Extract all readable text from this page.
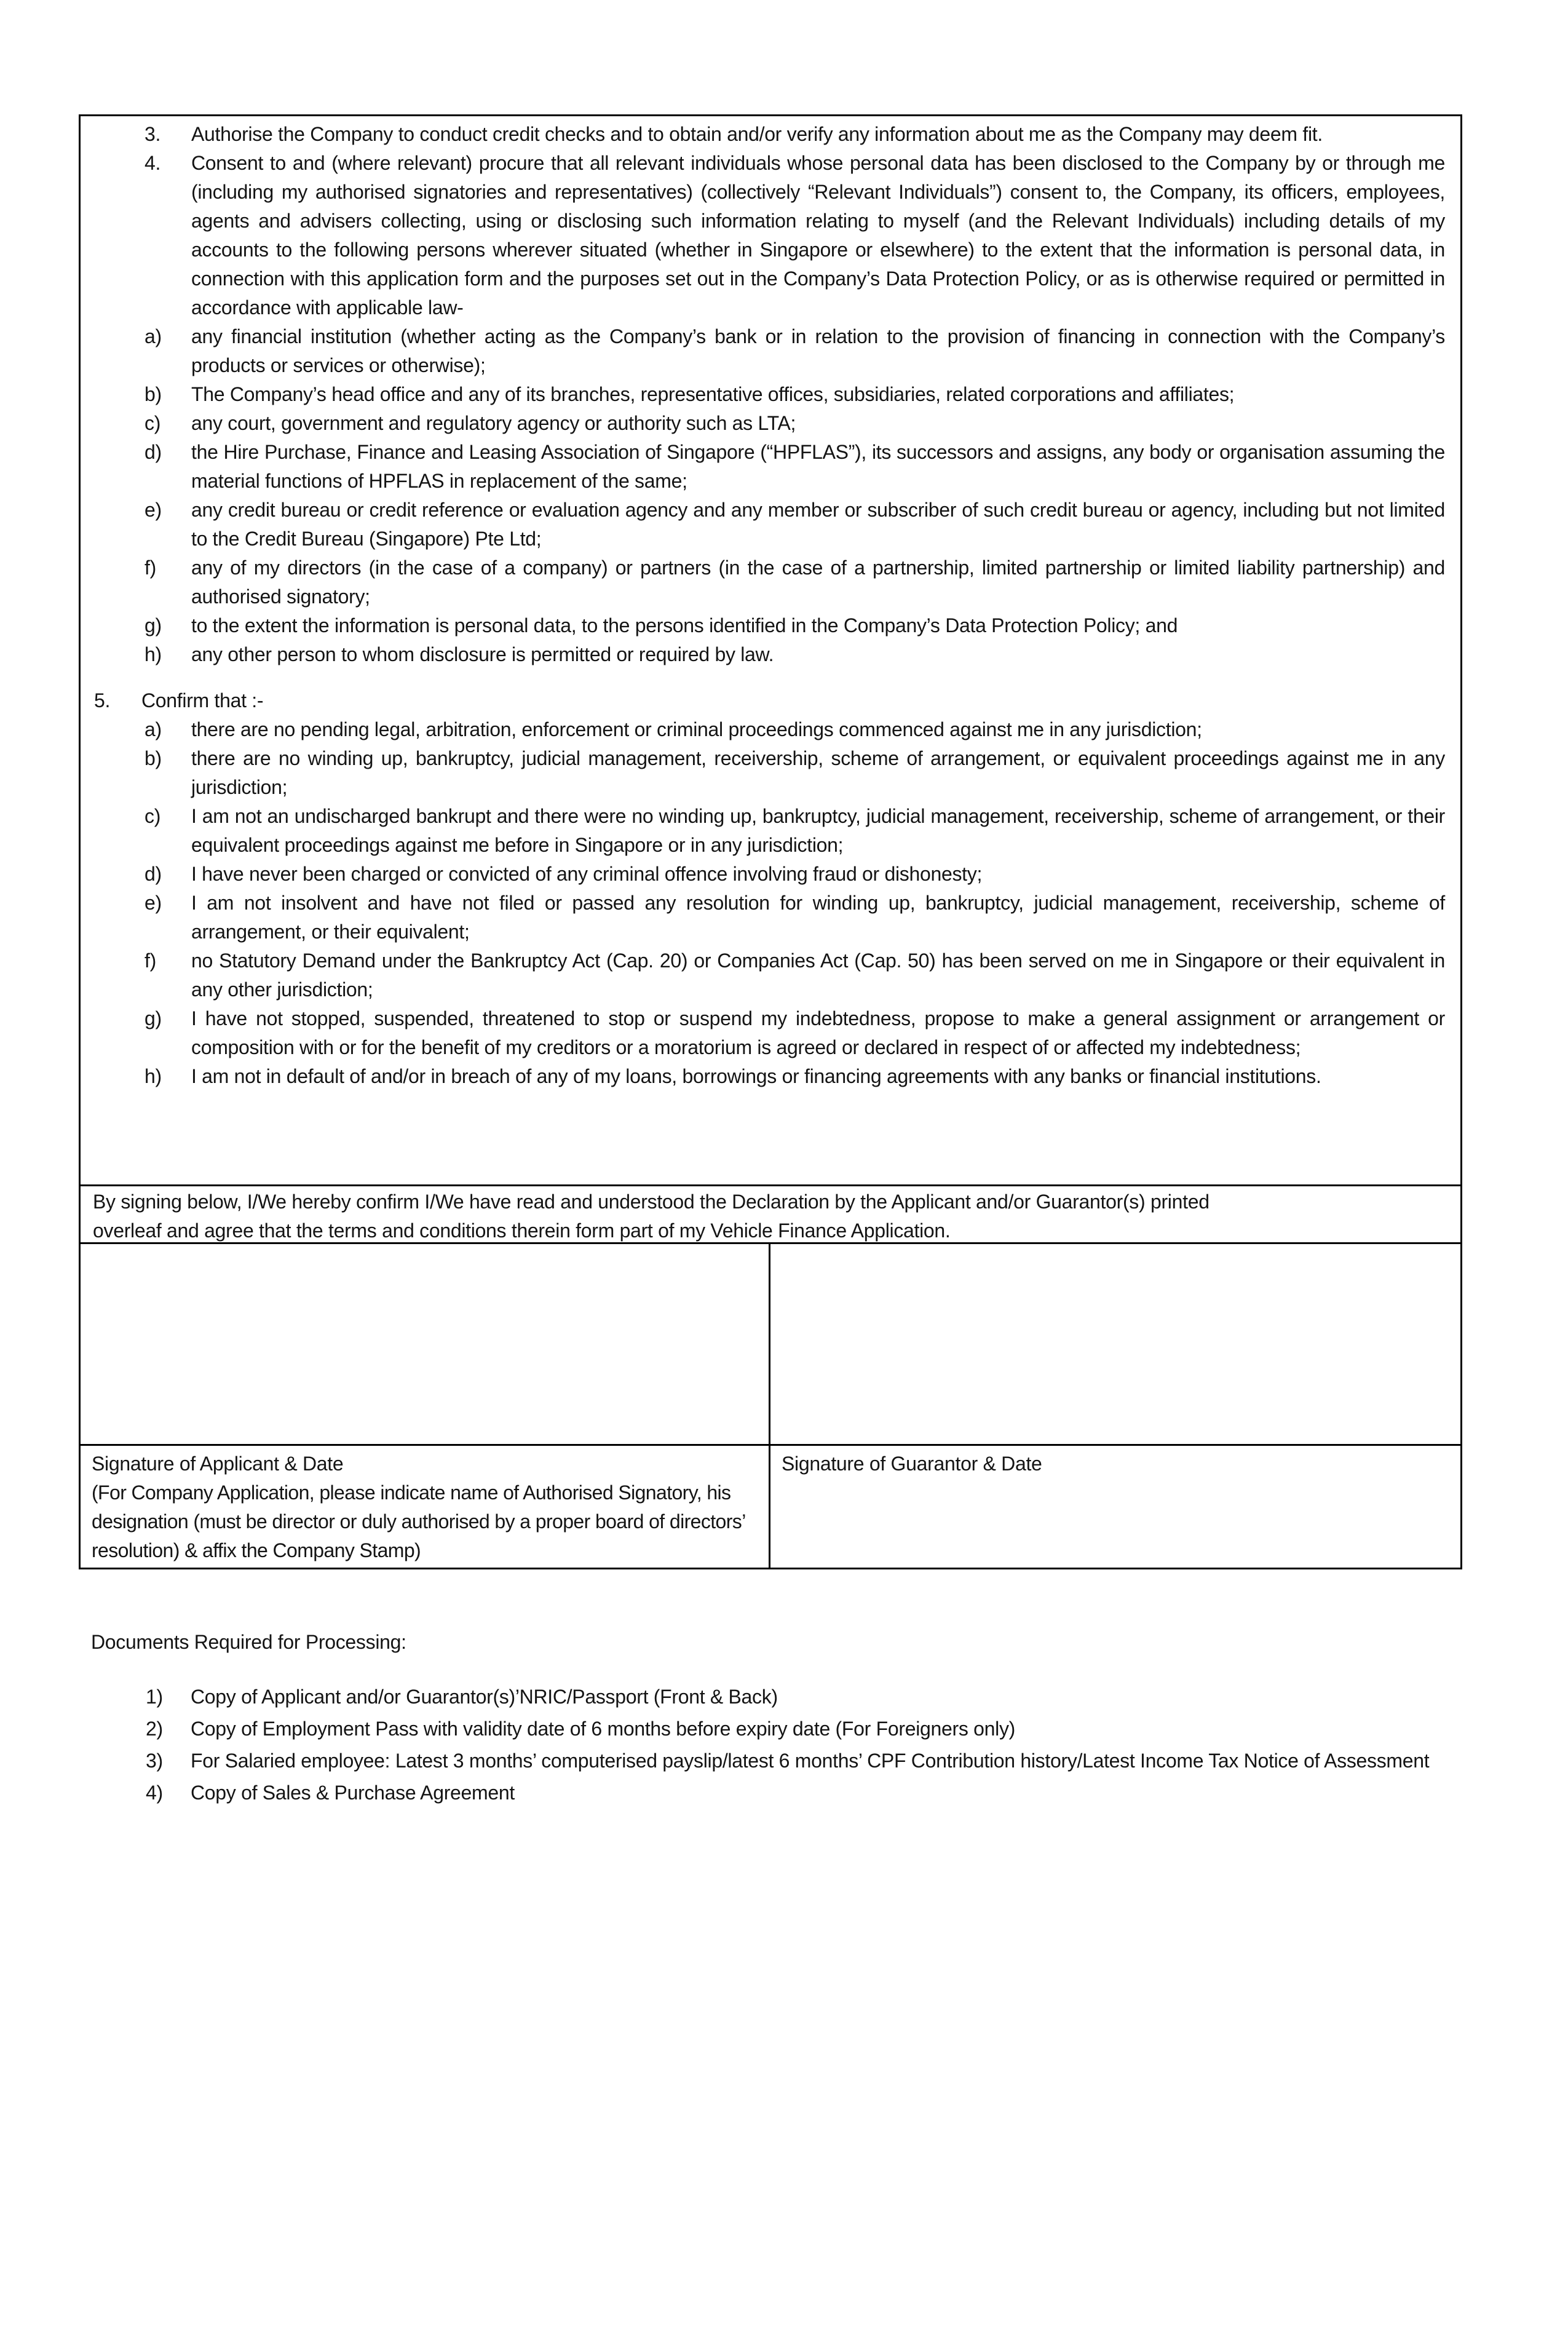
3.	Authorise the Company to conduct credit checks and to obtain and/or verify any information about me as the Company may deem fit.
4.	Consent to and (where relevant) procure that all relevant individuals whose personal data has been disclosed to the Company by or through me (including my authorised signatories and representatives) (collectively “Relevant Individuals”) consent to, the Company, its officers, employees, agents and advisers collecting, using or disclosing such information relating to myself (and the Relevant Individuals) including details of my accounts to the following persons wherever situated (whether in Singapore or elsewhere) to the extent that the information is personal data, in connection with this application form and the purposes set out in the Company’s Data Protection Policy, or as is otherwise required or permitted in accordance with applicable law-
a)	any financial institution (whether acting as the Company’s bank or in relation to the provision of financing in connection with the Company’s products or services or otherwise);
b)	The Company’s head office and any of its branches, representative offices, subsidiaries, related corporations and affiliates;
c)	any court, government and regulatory agency or authority such as LTA;
d)	the Hire Purchase, Finance and Leasing Association of Singapore (“HPFLAS”), its successors and assigns, any body or organisation assuming the material functions of HPFLAS in replacement of the same;
e)	any credit bureau or credit reference or evaluation agency and any member or subscriber of such credit bureau or agency, including but not limited to the Credit Bureau (Singapore) Pte Ltd;
f)	any of my directors (in the case of a company) or partners (in the case of a partnership, limited partnership or limited liability partnership) and authorised signatory;
g)	to the extent the information is personal data, to the persons identified in the Company’s Data Protection Policy; and
h)	any other person to whom disclosure is permitted or required by law.
5.	Confirm that :-
a)	there are no pending legal, arbitration, enforcement or criminal proceedings commenced against me in any jurisdiction;
b)	there are no winding up, bankruptcy, judicial management, receivership, scheme of arrangement, or equivalent proceedings against me in any jurisdiction;
c)	I am not an undischarged bankrupt and there were no winding up, bankruptcy, judicial management, receivership, scheme of arrangement, or their equivalent proceedings against me before in Singapore or in any jurisdiction;
d)	I have never been charged or convicted of any criminal offence involving fraud or dishonesty;
e)	I am not insolvent and have not filed or passed any resolution for winding up, bankruptcy, judicial management, receivership, scheme of arrangement, or their equivalent;
f)	no Statutory Demand under the Bankruptcy Act (Cap. 20) or Companies Act (Cap. 50) has been served on me in Singapore or their equivalent in any other jurisdiction;
g)	I have not stopped, suspended, threatened to stop or suspend my indebtedness, propose to make a general assignment or arrangement or composition with or for the benefit of my creditors or a moratorium is agreed or declared in respect of or affected my indebtedness;
h)	I am not in default of and/or in breach of any of my loans, borrowings or financing agreements with any banks or financial institutions.
By signing below, I/We hereby confirm I/We have read and understood the Declaration by the Applicant and/or Guarantor(s) printed
overleaf and agree that the terms and conditions therein form part of my Vehicle Finance Application.
Signature of Applicant & Date
(For Company Application, please indicate name of Authorised Signatory, his designation (must be director or duly authorised by a proper board of directors’ resolution) & affix the Company Stamp)
Signature of Guarantor & Date
Documents Required for Processing:
1)	Copy of Applicant and/or Guarantor(s)’NRIC/Passport (Front & Back)
2)	Copy of Employment Pass with validity date of 6 months before expiry date (For Foreigners only)
3)	For Salaried employee: Latest 3 months’ computerised payslip/latest 6 months’ CPF Contribution history/Latest Income Tax Notice of Assessment
4)	Copy of Sales & Purchase Agreement
